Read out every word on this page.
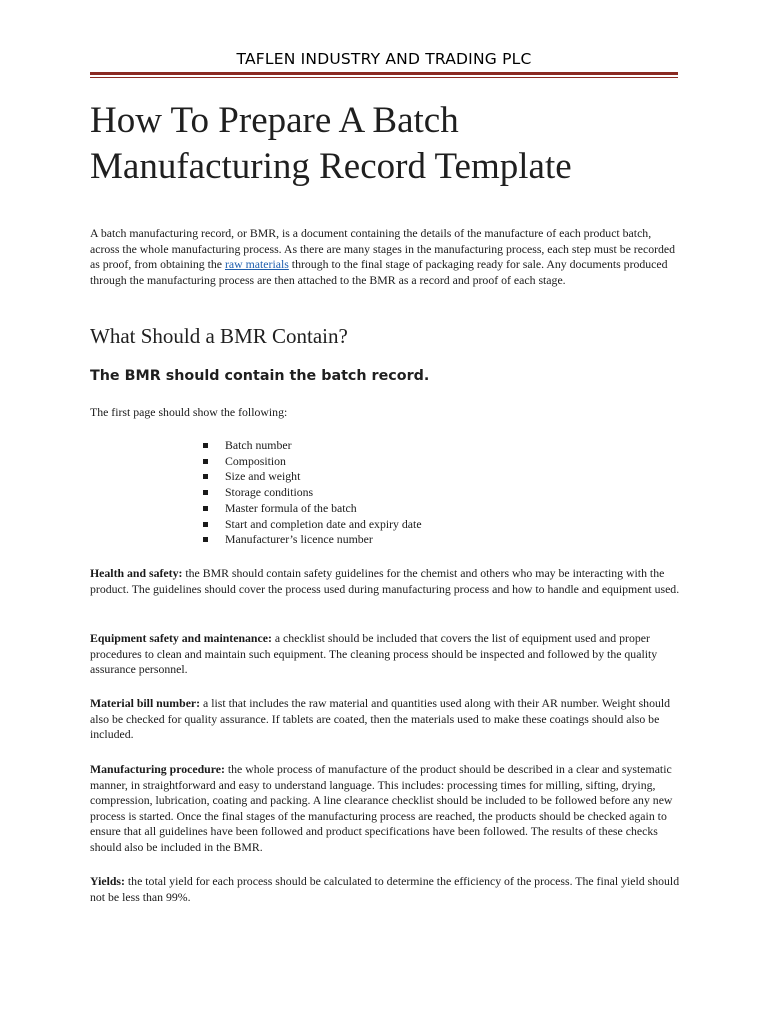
TAFLEN INDUSTRY AND TRADING PLC
How To Prepare A Batch
Manufacturing Record Template

A batch manufacturing record, or BMR, is a document containing the details of the manufacture of each product batch, across the whole manufacturing process. As there are many stages in the manufacturing process, each step must be recorded as proof, from obtaining the raw materials through to the final stage of packaging ready for sale. Any documents produced through the manufacturing process are then attached to the BMR as a record and proof of each stage.

What Should a BMR Contain?
The BMR should contain the batch record.

The first page should show the following:

Batch number
Composition
Size and weight
Storage conditions
Master formula of the batch
Start and completion date and expiry date
Manufacturer’s licence number

Health and safety: the BMR should contain safety guidelines for the chemist and others who may be interacting with the product. The guidelines should cover the process used during manufacturing process and how to handle and equipment used.

Equipment safety and maintenance: a checklist should be included that covers the list of equipment used and proper procedures to clean and maintain such equipment. The cleaning process should be inspected and followed by the quality assurance personnel.

Material bill number: a list that includes the raw material and quantities used along with their AR number. Weight should also be checked for quality assurance. If tablets are coated, then the materials used to make these coatings should also be included.

Manufacturing procedure: the whole process of manufacture of the product should be described in a clear and systematic manner, in straightforward and easy to understand language. This includes: processing times for milling, sifting, drying, compression, lubrication, coating and packing. A line clearance checklist should be included to be followed before any new process is started. Once the final stages of the manufacturing process are reached, the products should be checked again to ensure that all guidelines have been followed and product specifications have been followed. The results of these checks should also be included in the BMR.

Yields: the total yield for each process should be calculated to determine the efficiency of the process. The final yield should not be less than 99%.
